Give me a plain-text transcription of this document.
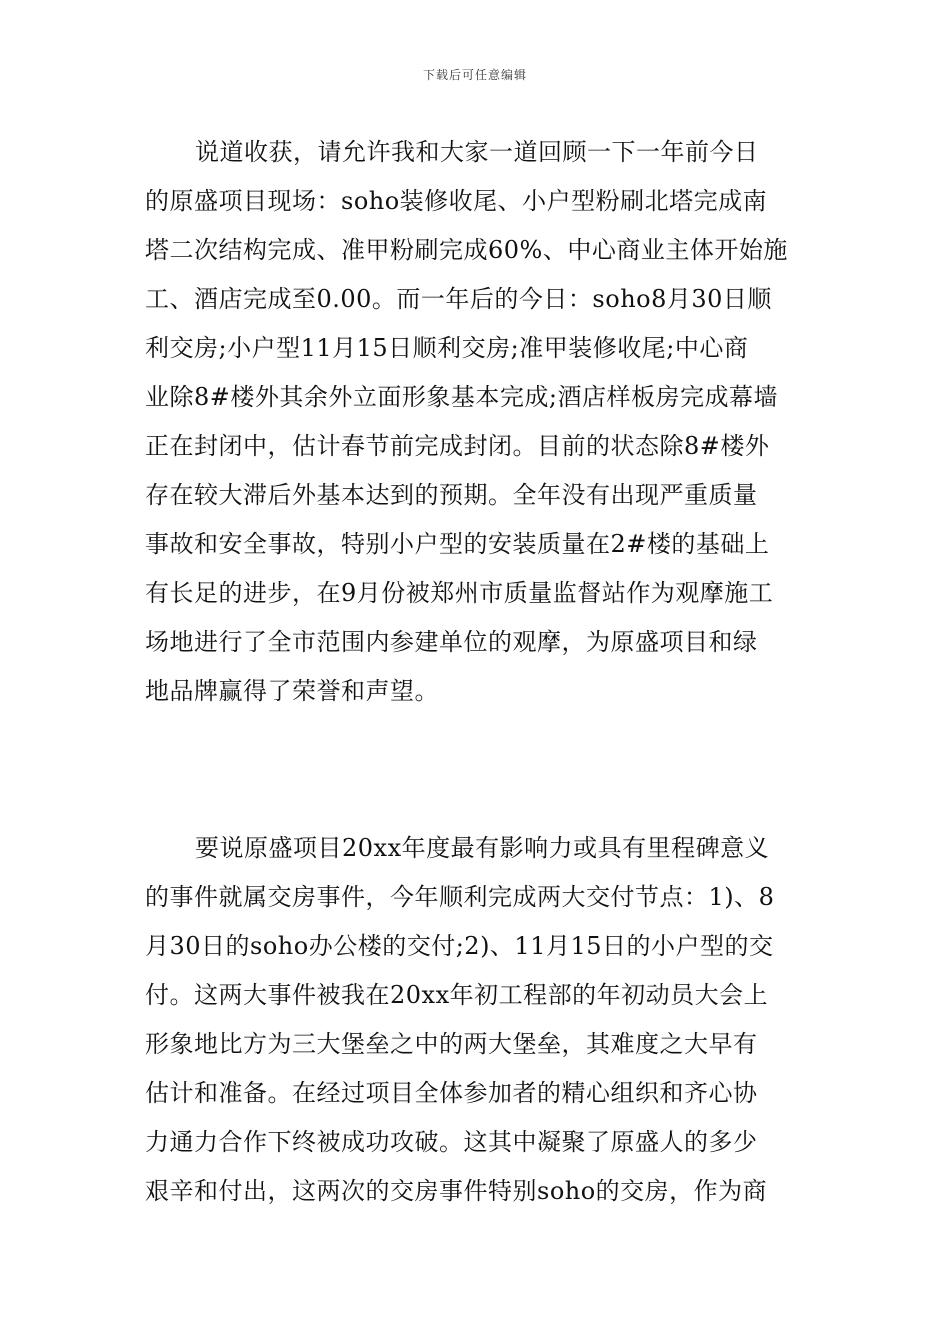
下载后可任意编辑
说道收获，请允许我和大家一道回顾一下一年前今日
的原盛项目现场：soho装修收尾、小户型粉刷北塔完成南
塔二次结构完成、准甲粉刷完成60%、中心商业主体开始施
工、酒店完成至0.00。而一年后的今日：soho8月30日顺
利交房;小户型11月15日顺利交房;准甲装修收尾;中心商
业除8#楼外其余外立面形象基本完成;酒店样板房完成幕墙
正在封闭中，估计春节前完成封闭。目前的状态除8#楼外
存在较大滞后外基本达到的预期。全年没有出现严重质量
事故和安全事故，特别小户型的安装质量在2#楼的基础上
有长足的进步，在9月份被郑州市质量监督站作为观摩施工
场地进行了全市范围内参建单位的观摩，为原盛项目和绿
地品牌赢得了荣誉和声望。
要说原盛项目20xx年度最有影响力或具有里程碑意义
的事件就属交房事件，今年顺利完成两大交付节点：1)、8
月30日的soho办公楼的交付;2)、11月15日的小户型的交
付。这两大事件被我在20xx年初工程部的年初动员大会上
形象地比方为三大堡垒之中的两大堡垒，其难度之大早有
估计和准备。在经过项目全体参加者的精心组织和齐心协
力通力合作下终被成功攻破。这其中凝聚了原盛人的多少
艰辛和付出，这两次的交房事件特别soho的交房，作为商
